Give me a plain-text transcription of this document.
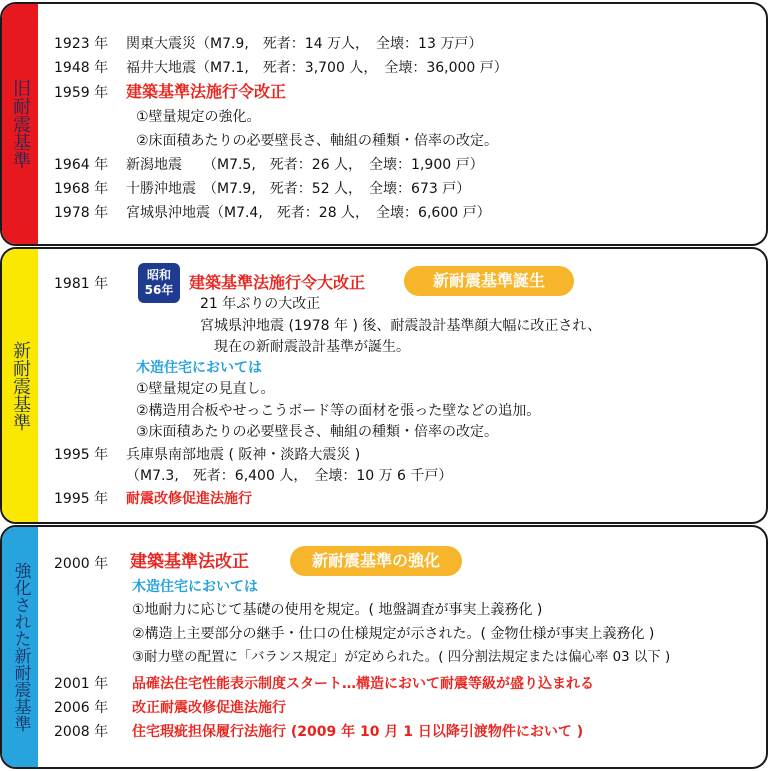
旧耐震基準
1923 年 関東大震災（M7.9,　死者：14 万人，　全壊：13 万戸）
1948 年 福井大地震（M7.1,　死者：3,700 人，　全壊：36,000 戸）
1959 年 建築基準法施行令改正
①壁量規定の強化。
②床面積あたりの必要壁長さ、軸組の種類・倍率の改定。
1964 年 新潟地震　　（M7.5,　死者：26 人，　全壊：1,900 戸）
1968 年 十勝沖地震　（M7.9,　死者：52 人，　全壊：673 戸）
1978 年 宮城県沖地震（M7.4,　死者：28 人，　全壊：6,600 戸）
新耐震基準
1981 年
昭和
56年 建築基準法施行令大改正	新耐震基準誕生
21 年ぶりの大改正
宮城県沖地震 (1978 年 ) 後、耐震設計基準顔大幅に改正され、
現在の新耐震設計基準が誕生。
木造住宅においては
①壁量規定の見直し。
②構造用合板やせっこうボード等の面材を張った壁などの追加。
③床面積あたりの必要壁長さ、軸組の種類・倍率の改定。
1995 年 兵庫県南部地震 ( 阪神・淡路大震災 )
（M7.3,　死者：6,400 人，　全壊：10 万 6 千戸）
1995 年 耐震改修促進法施行
強化された新耐震基準 2000 年 建築基準法改正	新耐震基準の強化
木造住宅においては
①地耐力に応じて基礎の使用を規定。( 地盤調査が事実上義務化 )
②構造上主要部分の継手・仕口の仕様規定が示された。( 金物仕様が事実上義務化 )
③耐力壁の配置に「バランス規定」が定められた。( 四分割法規定または偏心率 03 以下 )
2001 年 品確法住宅性能表示制度スタート…構造において耐震等級が盛り込まれる
2006 年 改正耐震改修促進法施行
2008 年 住宅瑕疵担保履行法施行 (2009 年 10 月 1 日以降引渡物件において )
